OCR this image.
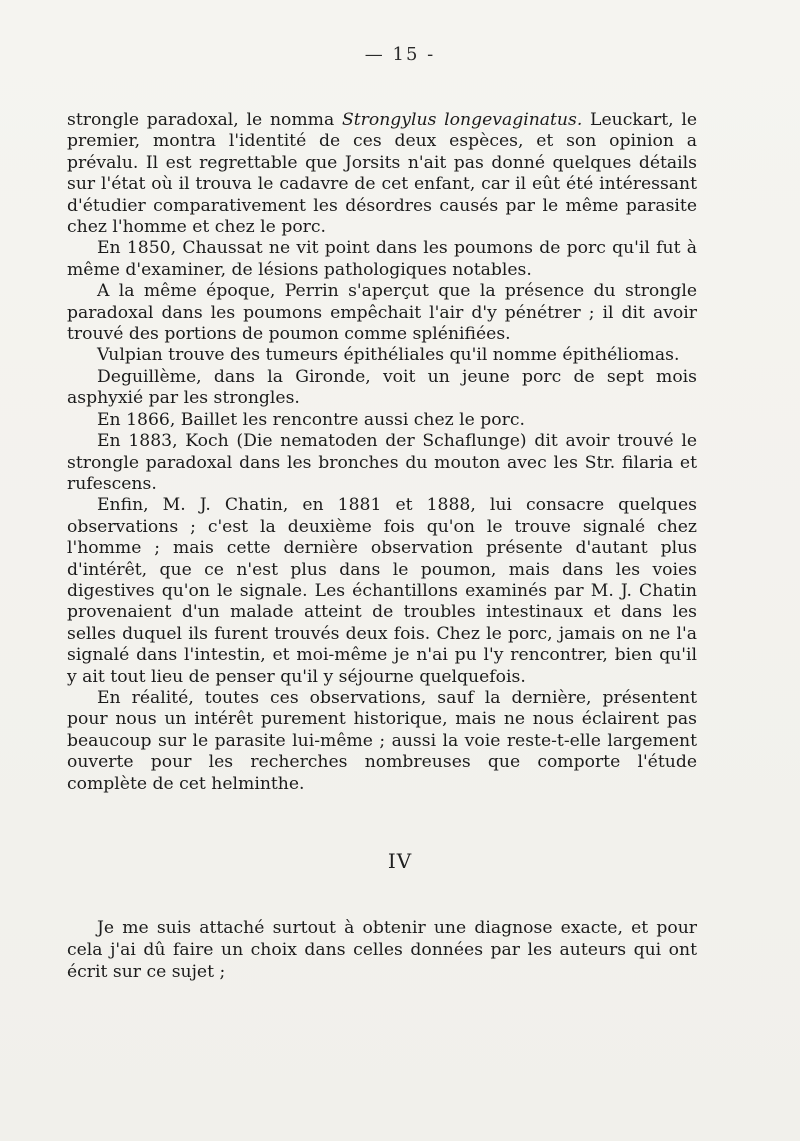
— 15 -

strongle paradoxal, le nomma Strongylus longevaginatus. Leuckart, le premier, montra l'identité de ces deux espèces, et son opinion a prévalu. Il est regrettable que Jorsits n'ait pas donné quelques détails sur l'état où il trouva le cadavre de cet enfant, car il eût été intéressant d'étudier comparativement les désordres causés par le même parasite chez l'homme et chez le porc.

En 1850, Chaussat ne vit point dans les poumons de porc qu'il fut à même d'examiner, de lésions pathologiques notables.

A la même époque, Perrin s'aperçut que la présence du strongle paradoxal dans les poumons empêchait l'air d'y pénétrer ; il dit avoir trouvé des portions de poumon comme splénifiées.

Vulpian trouve des tumeurs épithéliales qu'il nomme épithéliomas.

Deguillème, dans la Gironde, voit un jeune porc de sept mois asphyxié par les strongles.

En 1866, Baillet les rencontre aussi chez le porc.

En 1883, Koch (Die nematoden der Schaflunge) dit avoir trouvé le strongle paradoxal dans les bronches du mouton avec les Str. filaria et rufescens.

Enfin, M. J. Chatin, en 1881 et 1888, lui consacre quelques observations ; c'est la deuxième fois qu'on le trouve signalé chez l'homme ; mais cette dernière observation présente d'autant plus d'intérêt, que ce n'est plus dans le poumon, mais dans les voies digestives qu'on le signale. Les échantillons examinés par M. J. Chatin provenaient d'un malade atteint de troubles intestinaux et dans les selles duquel ils furent trouvés deux fois. Chez le porc, jamais on ne l'a signalé dans l'intestin, et moi-même je n'ai pu l'y rencontrer, bien qu'il y ait tout lieu de penser qu'il y séjourne quelquefois.

En réalité, toutes ces observations, sauf la dernière, présentent pour nous un intérêt purement historique, mais ne nous éclairent pas beaucoup sur le parasite lui-même ; aussi la voie reste-t-elle largement ouverte pour les recherches nombreuses que comporte l'étude complète de cet helminthe.

IV

Je me suis attaché surtout à obtenir une diagnose exacte, et pour cela j'ai dû faire un choix dans celles données par les auteurs qui ont écrit sur ce sujet ;
